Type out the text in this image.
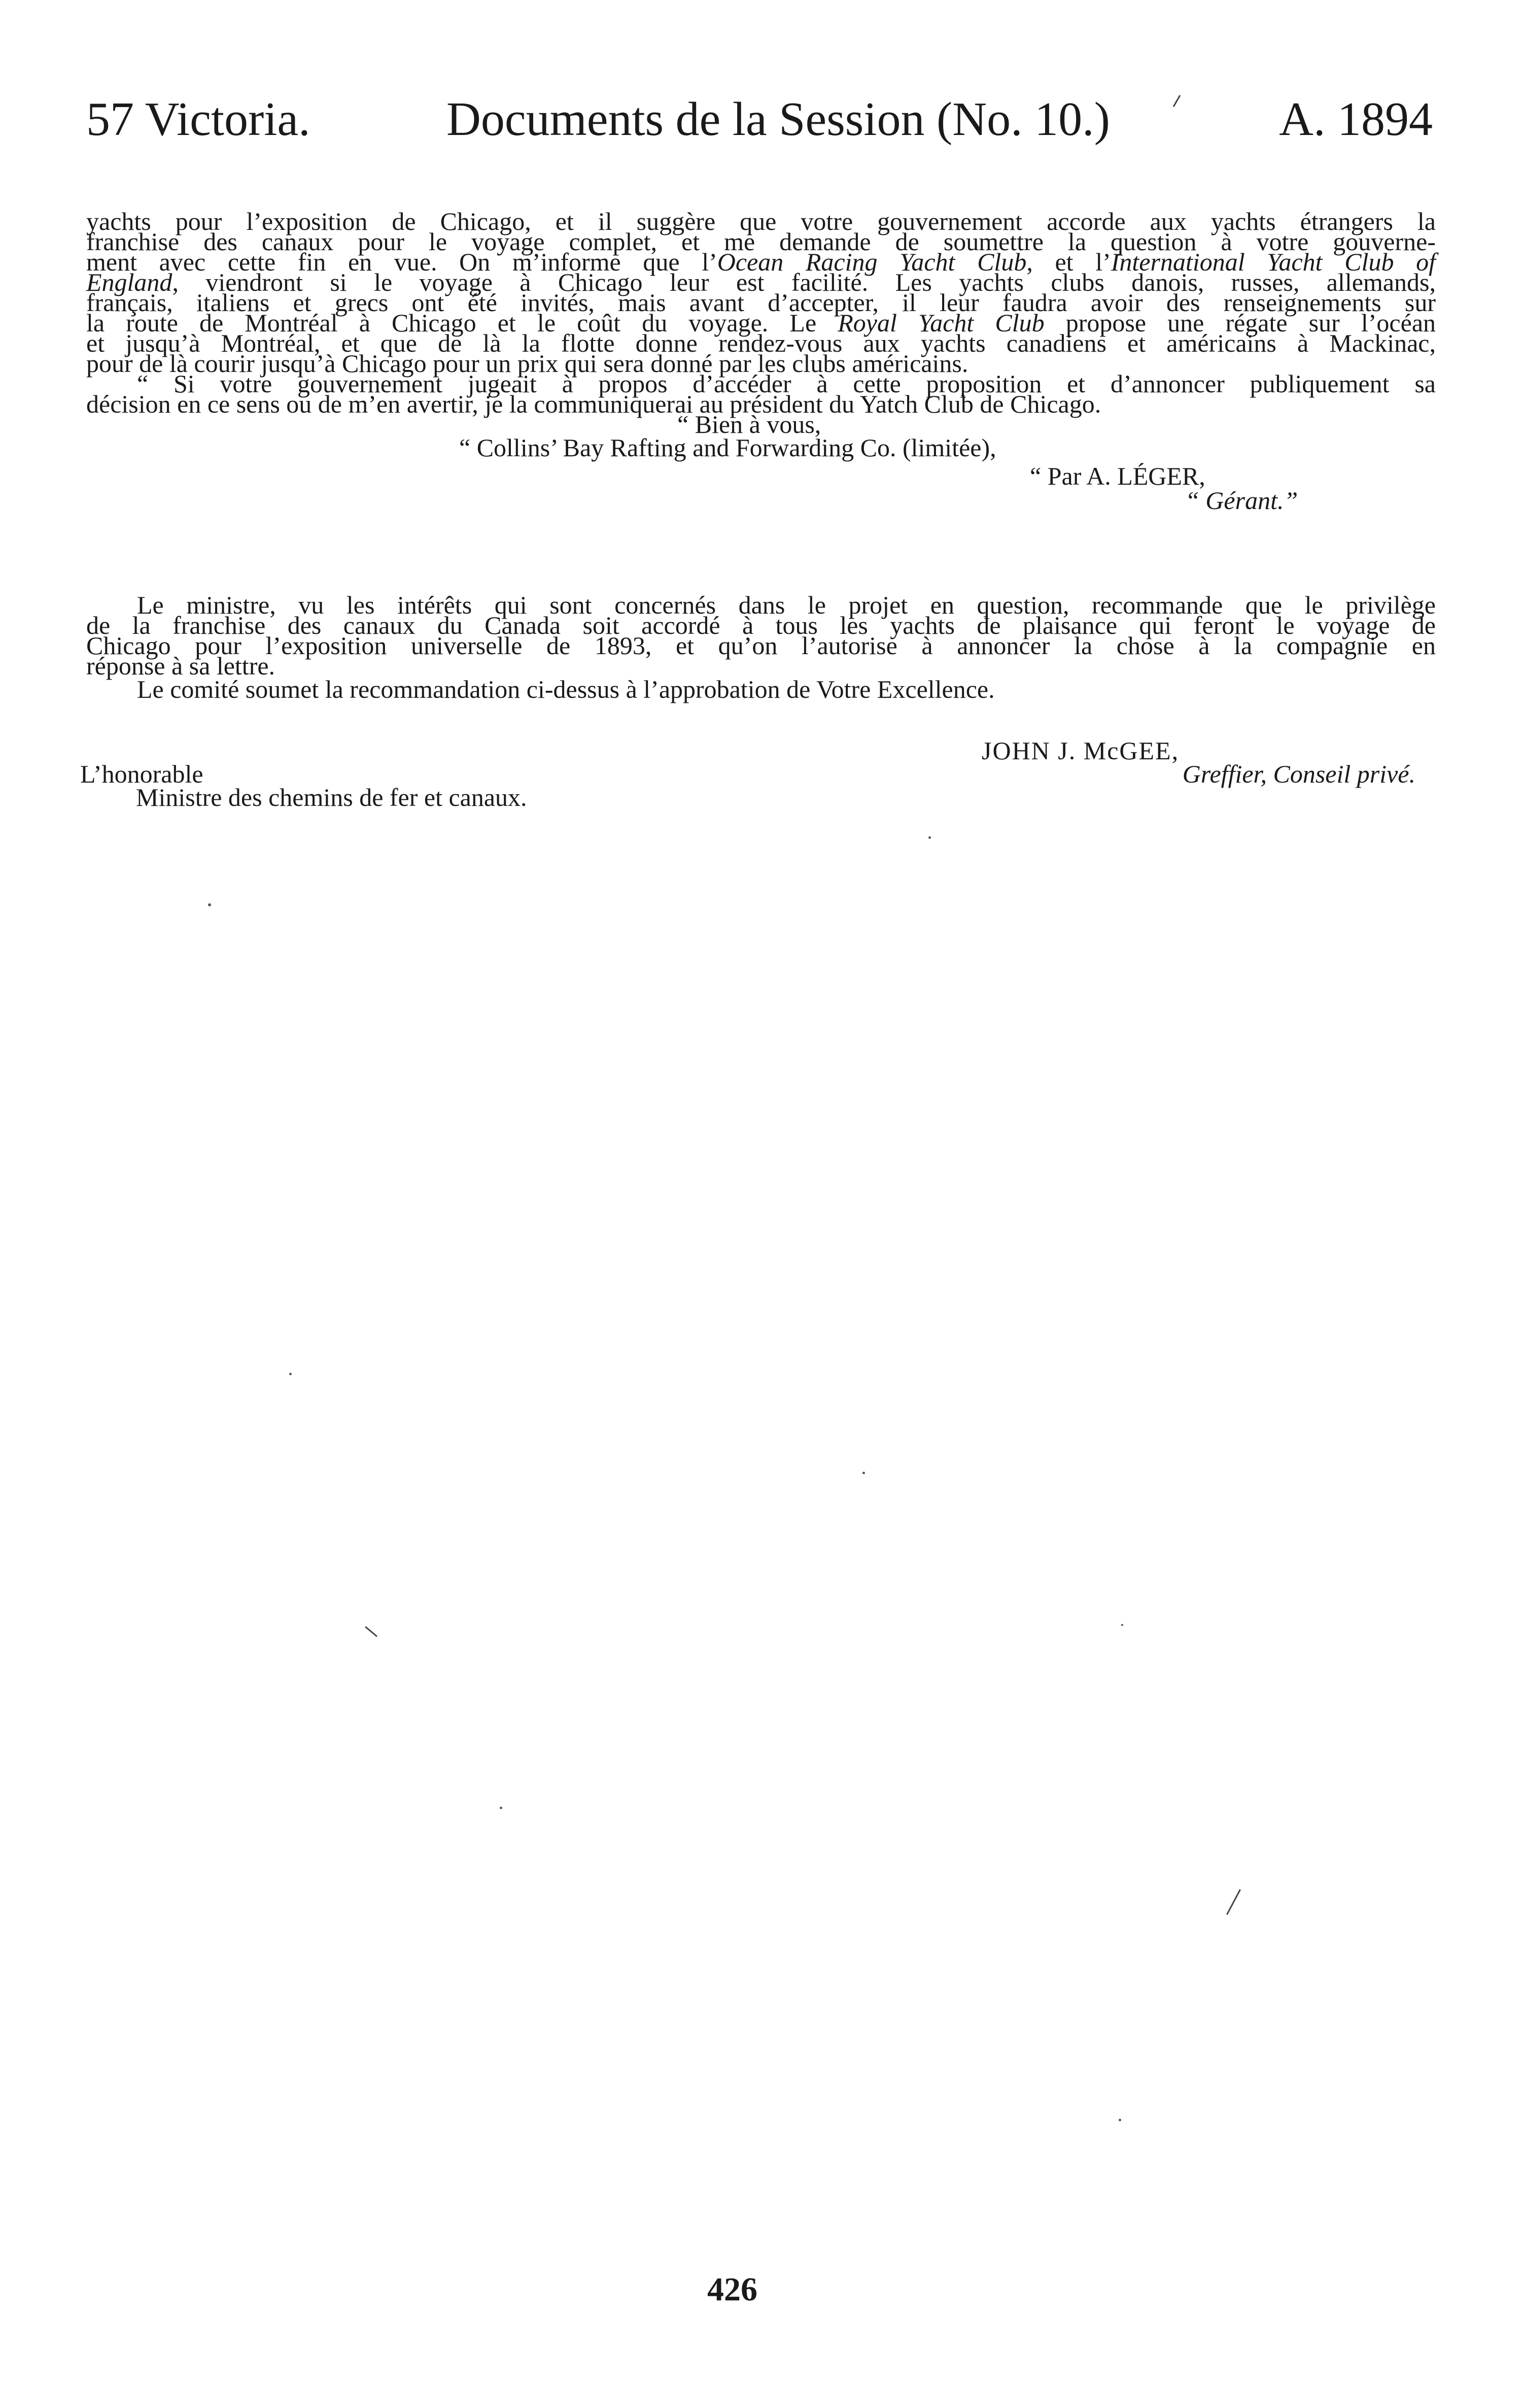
57 Victoria.	Documents de la Session (No. 10.)	A. 1894
yachts pour l’exposition de Chicago, et il suggère que votre gouvernement accorde aux yachts étrangers la
franchise des canaux pour le voyage complet, et me demande de soumettre la question à votre gouverne-
ment avec cette fin en vue. On m’informe que l’Ocean Racing Yacht Club, et l’International Yacht Club of
England, viendront si le voyage à Chicago leur est facilité. Les yachts clubs danois, russes, allemands,
français, italiens et grecs ont été invités, mais avant d’accepter, il leur faudra avoir des renseignements sur
la route de Montréal à Chicago et le coût du voyage. Le Royal Yacht Club propose une régate sur l’océan
et jusqu’à Montréal, et que de là la flotte donne rendez-vous aux yachts canadiens et américains à Mackinac,
pour de là courir jusqu’à Chicago pour un prix qui sera donné par les clubs américains.
“ Si votre gouvernement jugeait à propos d’accéder à cette proposition et d’annoncer publiquement sa
décision en ce sens ou de m’en avertir, je la communiquerai au président du Yatch Club de Chicago.
“ Bien à vous,
“ Collins’ Bay Rafting and Forwarding Co. (limitée),
“ Par A. LÉGER,
“ Gérant.”
Le ministre, vu les intérêts qui sont concernés dans le projet en question, recommande que le privilège
de la franchise des canaux du Canada soit accordé à tous les yachts de plaisance qui feront le voyage de
Chicago pour l’exposition universelle de 1893, et qu’on l’autorise à annoncer la chose à la compagnie en
réponse à sa lettre.
Le comité soumet la recommandation ci-dessus à l’approbation de Votre Excellence.
JOHN J. McGEE,
Greffier, Conseil privé.
L’honorable
Ministre des chemins de fer et canaux.
426
